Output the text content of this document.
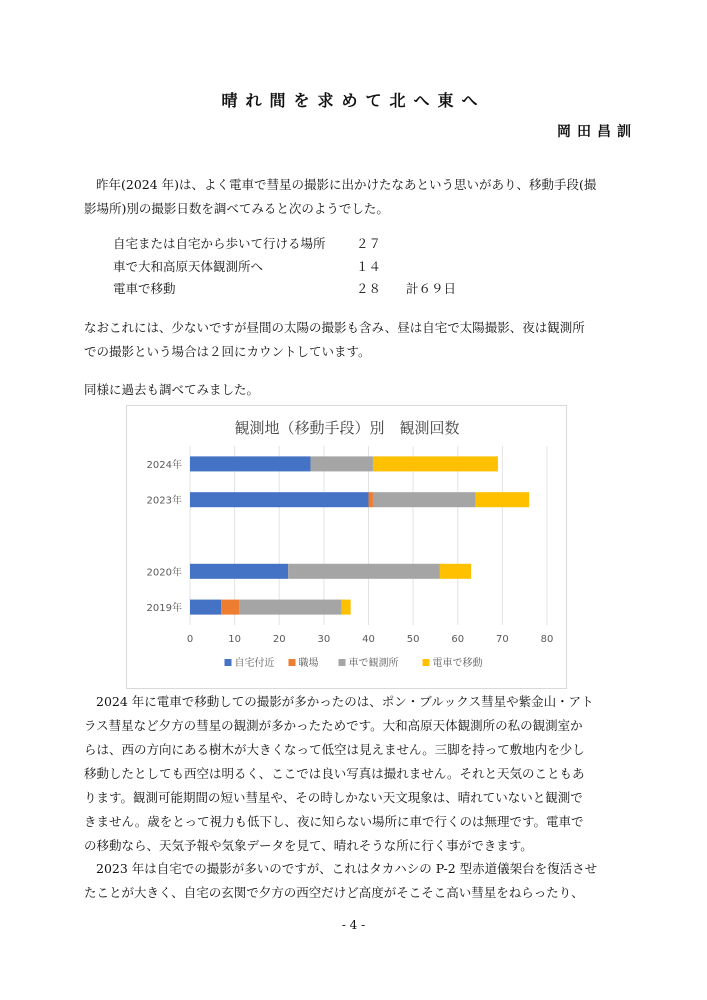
晴れ間を求めて北へ東へ
岡田昌訓

昨年(2024 年)は、よく電車で彗星の撮影に出かけたなあという思いがあり、移動手段(撮
影場所)別の撮影日数を調べてみると次のようでした。

自宅または自宅から歩いて行ける場所	２７
車で大和高原天体観測所へ	１４
電車で移動	２８	計６９日

なおこれには、少ないですが昼間の太陽の撮影も含み、昼は自宅で太陽撮影、夜は観測所
での撮影という場合は２回にカウントしています。

同様に過去も調べてみました。

観測地（移動手段）別　観測回数
2024年
2023年
2020年
2019年
0	10	20	30	40	50	60	70	80
自宅付近 職場	車で観測所	電車で移動

2024 年に電車で移動しての撮影が多かったのは、ポン・ブルックス彗星や紫金山・アト
ラス彗星など夕方の彗星の観測が多かったためです。大和高原天体観測所の私の観測室か
らは、西の方向にある樹木が大きくなって低空は見えません。三脚を持って敷地内を少し
移動したとしても西空は明るく、ここでは良い写真は撮れません。それと天気のこともあ
ります。観測可能期間の短い彗星や、その時しかない天文現象は、晴れていないと観測で
きません。歳をとって視力も低下し、夜に知らない場所に車で行くのは無理です。電車で
の移動なら、天気予報や気象データを見て、晴れそうな所に行く事ができます。

2023 年は自宅での撮影が多いのですが、これはタカハシの P-2 型赤道儀架台を復活させ
たことが大きく、自宅の玄関で夕方の西空だけど高度がそこそこ高い彗星をねらったり、

- 4 -
